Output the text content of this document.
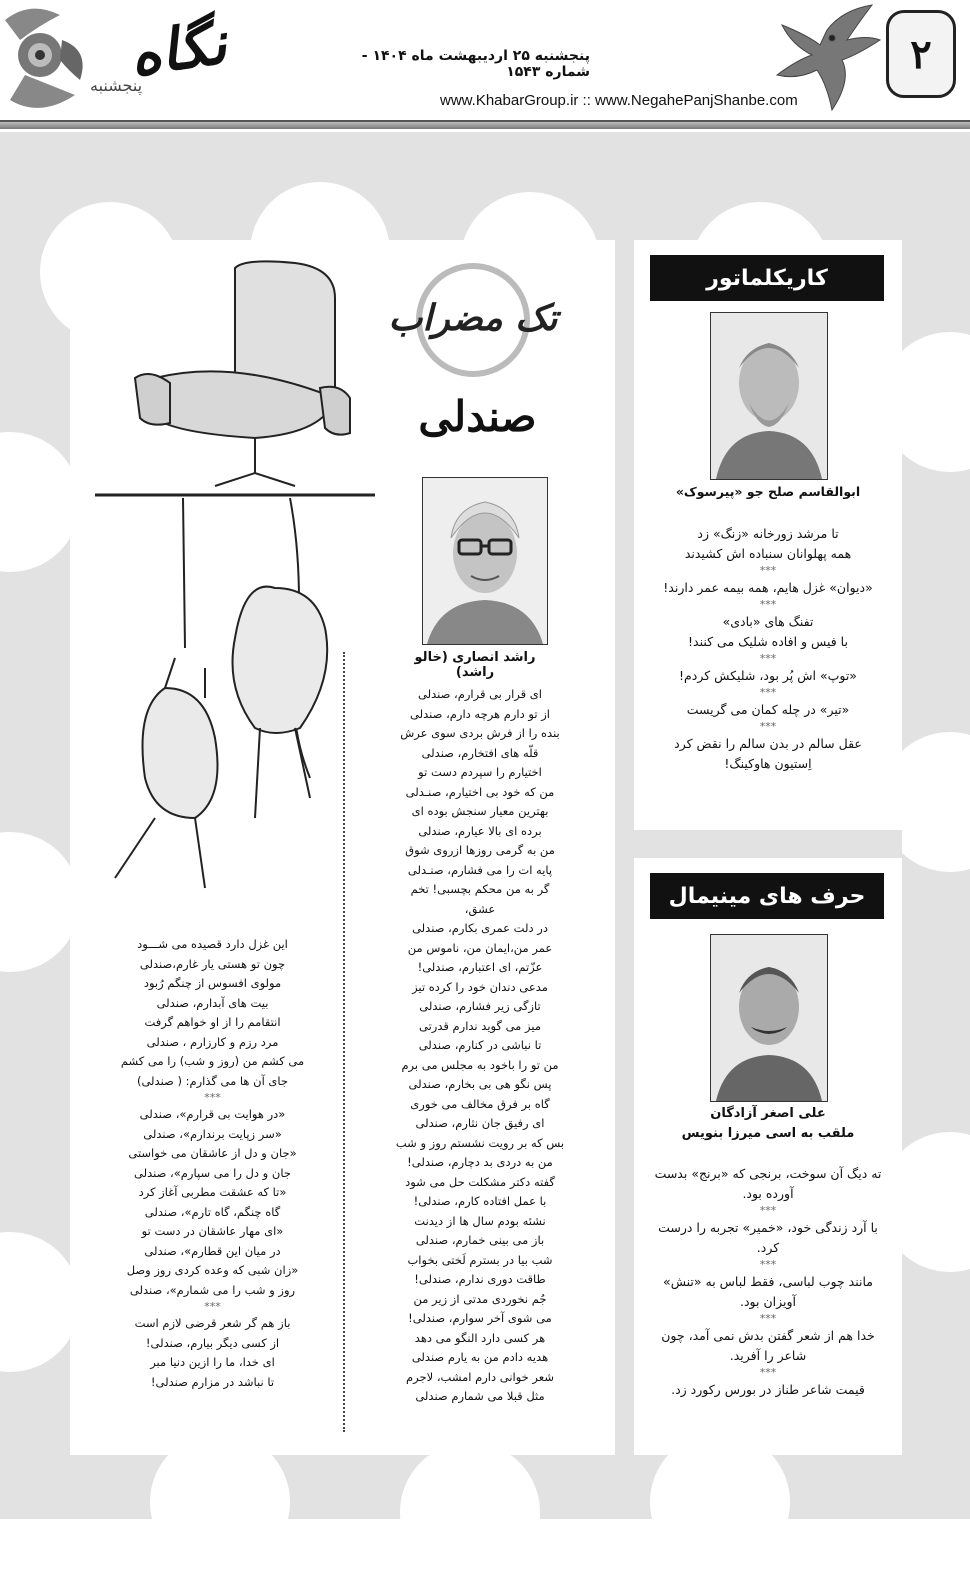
نگاه
پنجشنبه
پنجشنبه ۲۵ اردیبهشت ماه ۱۴۰۴ - شماره ۱۵۴۳
www.KhabarGroup.ir :: www.NegahePanjShanbe.com
۲
کاریکلماتور
ابوالقاسم صلح جو «پیرسوک»

تا مرشد زورخانه «زنگ» زد

همه پهلوانان سنباده اش کشیدند

***

«دیوان» غزل هایم، همه بیمه عمر دارند!

***

تفنگ های «بادی»

با فیس و افاده شلیک می کنند!

***

«توپ» اش پُر بود، شلیکش کردم!

***

«تیر» در چله کمان می گریست

***

عقل سالم در بدن سالم را نقض کرد

اِستیون هاوکینگ!

حرف های مینیمال
علی اصغر آزادگان
ملقب به اسی میرزا بنویس

ته دیگ آن سوخت، برنجی که «برنج» بدست آورده بود.

***

با آرد زندگی خود، «خمیر» تجربه را درست کرد.

***

مانند چوب لباسی، فقط لباس به «تنش» آویزان بود.

***

خدا هم از شعر گفتن بدش نمی آمد، چون شاعر را آفرید.

***

قیمت شاعر طناز در بورس رکورد زد.

تک مضراب
صندلی
راشد انصاری (خالو راشد)

ای قرار بی قرارم، صندلی

از تو دارم هرچه دارم، صندلی

بنده را از فرش بردی سوی عرش

قلّه های افتخارم، صندلی

اختیارم را سپردم دست تو

من که خود بی اختیارم، صنـدلی

بهترین معیار سنجش بوده ای

برده ای بالا عیارم، صندلی

من به گرمی روزها ازروی شوق

پایه ات را می فشارم، صنـدلی

گر به من محکم بچسبی! تخم عشق،

در دلت عمری بکارم، صندلی

عمر من،ایمان من، ناموس من

عزّتم، ای اعتبارم، صندلی!

مدعی دندان خود را کرده تیز

تازگی زیر فشارم، صندلی

میز می گوید ندارم قدرتی

تا نباشی در کنارم، صندلی

من تو را باخود به مجلس می برم

پس نگو هی بی بخارم، صندلی

گاه بر فرق مخالف می خوری

ای رفیق جان نثارم، صندلی

بس که بر رویت نشستم روز و شب

من به دردی بد دچارم، صندلی!

گفته دکتر مشکلت حل می شود

با عمل افتاده کارم، صندلی!

نشئه بودم سال ها از دیدنت

باز می بینی خمارم، صندلی

شب بیا در بسترم لَختی بخواب

طاقت دوری ندارم، صندلی!

جُم نخوردی مدتی از زیر من

می شوی آخر سوارم، صندلی!

هر کسی دارد النگو می دهد

هدیه دادم من به یارم صندلی

شعر خوانی دارم امشب، لاجرم

مثل قبلا می شمارم صندلی

این غزل دارد قصیده می شـــود

چون تو هستی یار غارم،صندلی

مولوی افسوس از چنگم رُبود

بیت های آبدارم، صندلی

انتقامم را از او خواهم گرفت

مرد رزم و کارزارم ، صندلی

می کشم من (روز و شب) را می کشم

جای آن ها می گذارم: ( صندلی)

***

«در هوایت بی قرارم»، صندلی

«سر زپایت برندارم»، صندلی

«جان و دل از عاشقان می خواستی

جان و دل را می سپارم»، صندلی

«تا که عشقت مطربی آغاز کرد

گاه چنگم، گاه تارم»، صندلی

«ای مهار عاشقان در دست تو

در میان این قطارم»، صندلی

«زان شبی که وعده کردی روز وصل

روز و شب را می شمارم»، صندلی

***

باز هم گر شعر قرضی لازم است

از کسی دیگر بیارم، صندلی!

ای خدا، ما را ازین دنیا مبر

تا نباشد در مزارم صندلی!
